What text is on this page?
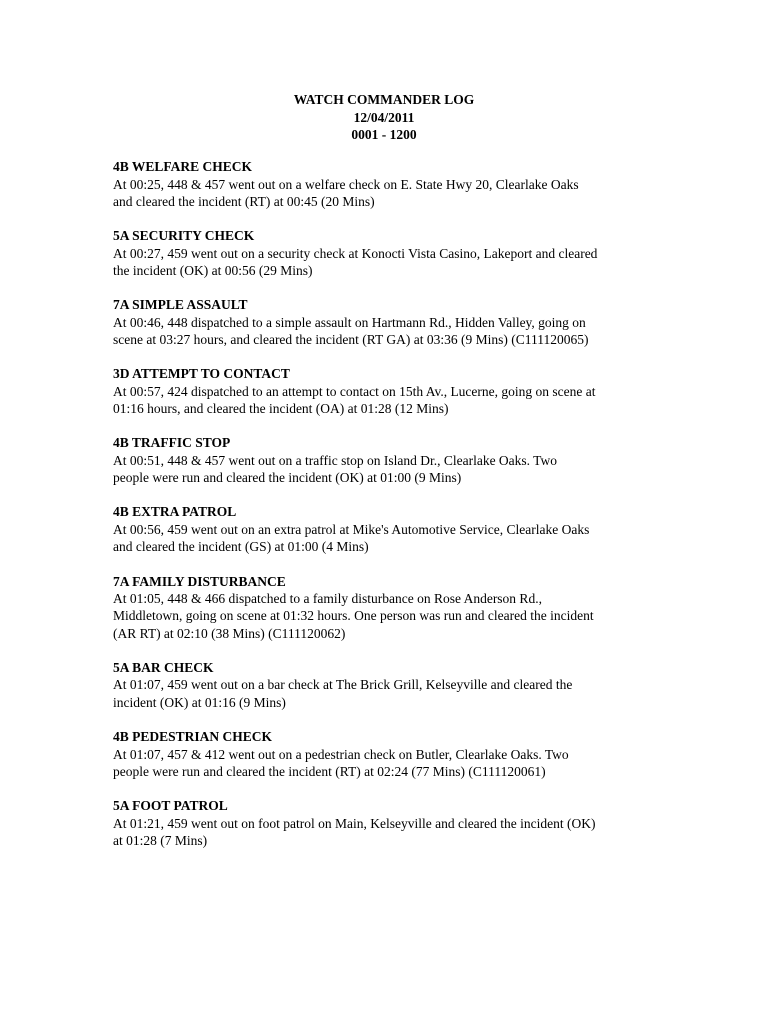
WATCH COMMANDER LOG
12/04/2011
0001 - 1200
4B WELFARE CHECK
At 00:25, 448 & 457 went out on a welfare check on E. State Hwy 20, Clearlake Oaks
and cleared the incident (RT) at 00:45 (20 Mins)
5A SECURITY CHECK
At 00:27, 459 went out on a security check at Konocti Vista Casino, Lakeport and cleared
the incident (OK) at 00:56 (29 Mins)
7A SIMPLE ASSAULT
At 00:46, 448 dispatched to a simple assault on Hartmann Rd., Hidden Valley, going on
scene at 03:27 hours, and cleared the incident (RT GA) at 03:36 (9 Mins) (C111120065)
3D ATTEMPT TO CONTACT
At 00:57, 424 dispatched to an attempt to contact on 15th Av., Lucerne, going on scene at
01:16 hours, and cleared the incident (OA) at 01:28 (12 Mins)
4B TRAFFIC STOP
At 00:51, 448 & 457 went out on a traffic stop on Island Dr., Clearlake Oaks. Two
people were run and cleared the incident (OK) at 01:00 (9 Mins)
4B EXTRA PATROL
At 00:56, 459 went out on an extra patrol at Mike's Automotive Service, Clearlake Oaks
and cleared the incident (GS) at 01:00 (4 Mins)
7A FAMILY DISTURBANCE
At 01:05, 448 & 466 dispatched to a family disturbance on Rose Anderson Rd.,
Middletown, going on scene at 01:32 hours. One person was run and cleared the incident
(AR RT) at 02:10 (38 Mins) (C111120062)
5A BAR CHECK
At 01:07, 459 went out on a bar check at The Brick Grill, Kelseyville and cleared the
incident (OK) at 01:16 (9 Mins)
4B PEDESTRIAN CHECK
At 01:07, 457 & 412 went out on a pedestrian check on Butler, Clearlake Oaks. Two
people were run and cleared the incident (RT) at 02:24 (77 Mins) (C111120061)
5A FOOT PATROL
At 01:21, 459 went out on foot patrol on Main, Kelseyville and cleared the incident (OK)
at 01:28 (7 Mins)
